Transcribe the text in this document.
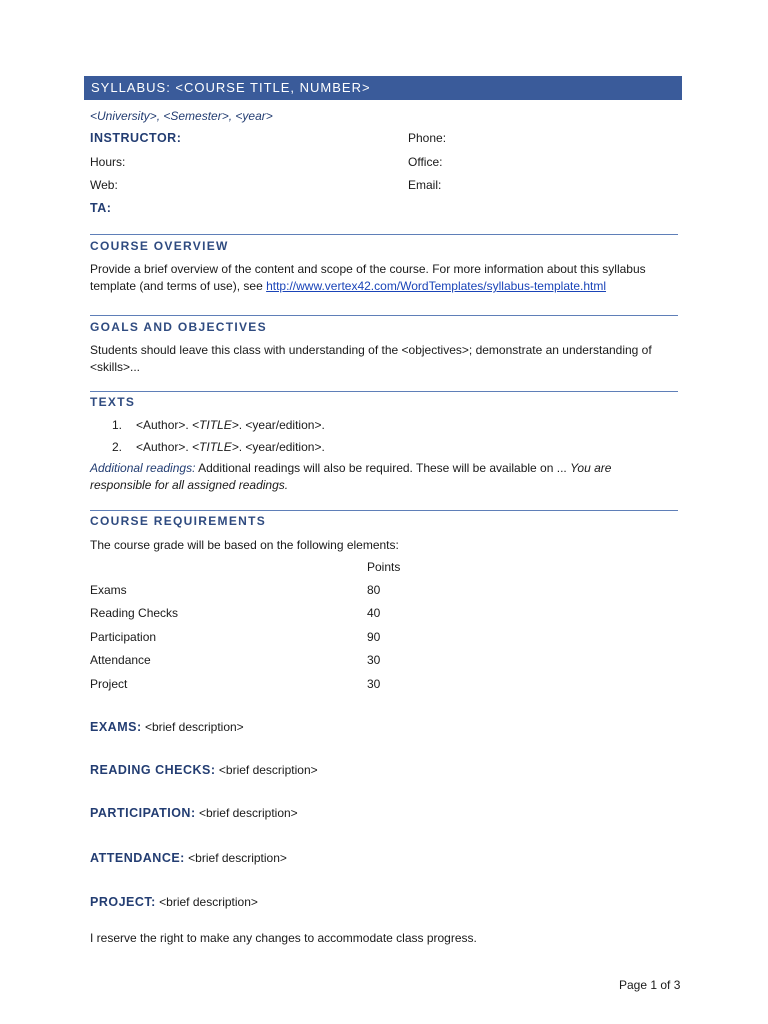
SYLLABUS: <COURSE TITLE, NUMBER>
<University>, <Semester>, <year>
INSTRUCTOR:	Phone:
Hours:	Office:
Web:	Email:
TA:
COURSE OVERVIEW
Provide a brief overview of the content and scope of the course. For more information about this syllabus
template (and terms of use), see http://www.vertex42.com/WordTemplates/syllabus-template.html
GOALS AND OBJECTIVES
Students should leave this class with understanding of the <objectives>; demonstrate an understanding of
<skills>...
TEXTS
1. <Author>. <TITLE>. <year/edition>.
2. <Author>. <TITLE>. <year/edition>.
Additional readings: Additional readings will also be required. These will be available on ... You are
responsible for all assigned readings.
COURSE REQUIREMENTS
The course grade will be based on the following elements:
Points
Exams	80
Reading Checks	40
Participation	90
Attendance	30
Project	30
EXAMS: <brief description>
READING CHECKS: <brief description>
PARTICIPATION: <brief description>
ATTENDANCE: <brief description>
PROJECT: <brief description>
I reserve the right to make any changes to accommodate class progress.
Page 1 of 3
